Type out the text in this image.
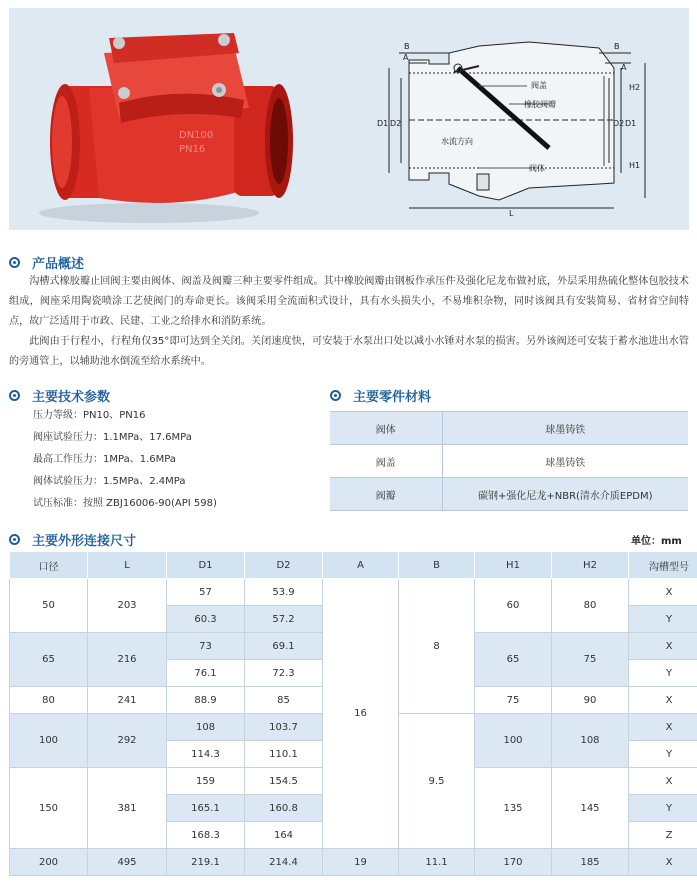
DN100
PN16
B	B
A
A
D1 D2	D2 D1
H2
H1
L
阀盖
橡胶阀瓣
水流方向
阀体
产品概述

沟槽式橡胶瓣止回阀主要由阀体、阀盖及阀瓣三种主要零件组成。其中橡胶阀瓣由钢板作承压件及强化尼龙布做衬底，外层采用热硫化整体包胶技术组成，阀座采用陶瓷喷涂工艺使阀门的寿命更长。该阀采用全流面积式设计，具有水头损失小，不易堆积杂物，同时该阀具有安装简易、省材省空间特点，故广泛适用于市政、民建、工业之给排水和消防系统。

此阀由于行程小，行程角仅35°即可达到全关闭。关闭速度快，可安装于水泵出口处以减小水锤对水泵的损害。另外该阀还可安装于蓄水池进出水管的旁通管上，以辅助池水倒流至给水系统中。

主要技术参数
压力等级：PN10、PN16
阀座试验压力：1.1MPa、17.6MPa
最高工作压力：1MPa、1.6MPa
阀体试验压力：1.5MPa、2.4MPa
试压标准：按照 ZBJ16006-90(API 598)
主要零件材料
阀体	球墨铸铁
阀盖	球墨铸铁
阀瓣	碳钢+强化尼龙+NBR(清水介质EPDM)
主要外形连接尺寸	单位：mm
口径	L	D1	D2	A	B	H1	H2	沟槽型号
50	203	57	53.9	16	8	60	80	X
		60.3	57.2					Y
65	216	73	69.1			65	75	X
		76.1	72.3					Y
80	241	88.9	85			75	90	X
100	292	108	103.7		9.5	100	108	X
		114.3	110.1					Y
150	381	159	154.5			135	145	X
		165.1	160.8					Y
		168.3	164					Z
200	495	219.1	214.4	19	11.1	170	185	X
